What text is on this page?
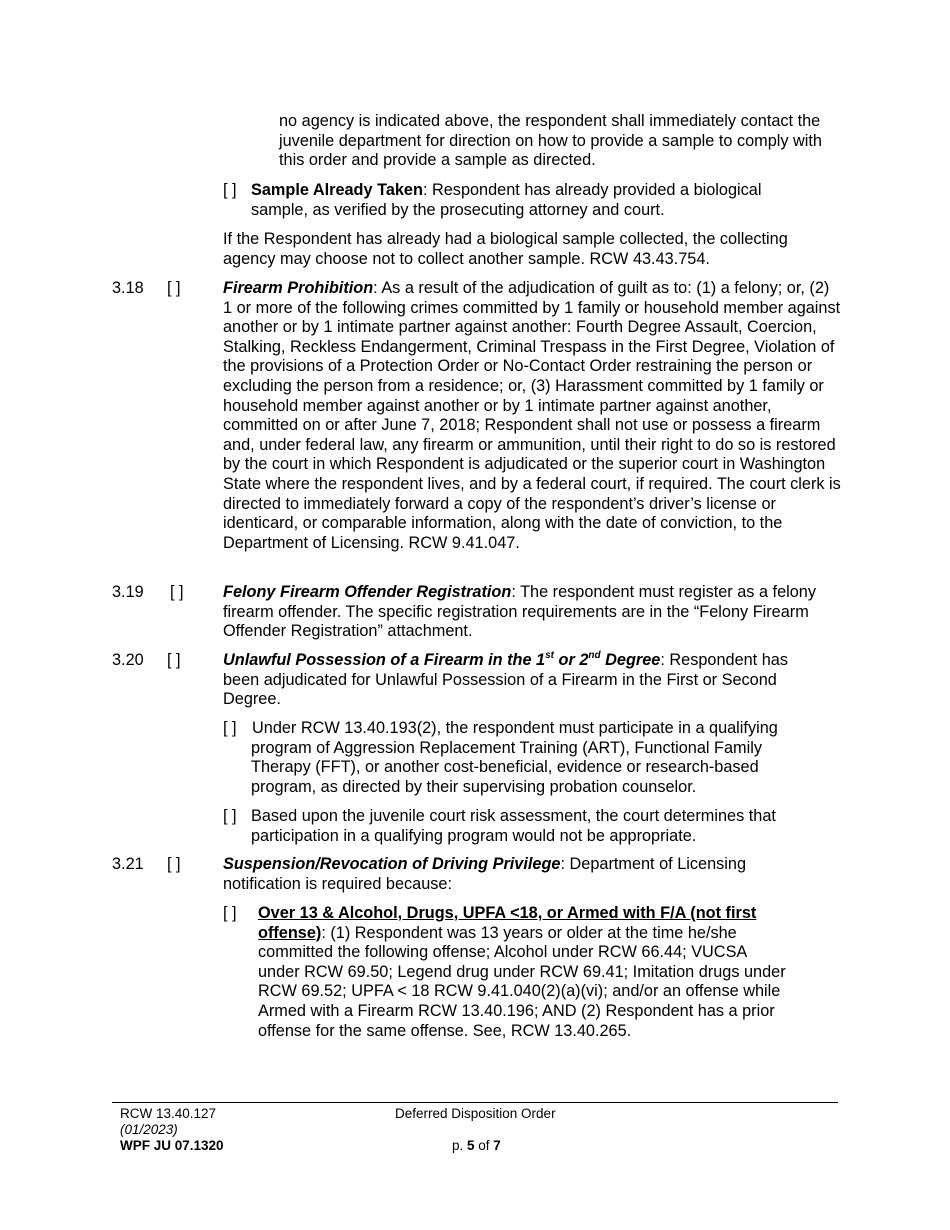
no agency is indicated above, the respondent shall immediately contact the juvenile department for direction on how to provide a sample to comply with this order and provide a sample as directed.

[ ] Sample Already Taken: Respondent has already provided a biological sample, as verified by the prosecuting attorney and court.

If the Respondent has already had a biological sample collected, the collecting agency may choose not to collect another sample. RCW 43.43.754.

3.18 [ ]	Firearm Prohibition: As a result of the adjudication of guilt as to: (1) a felony; or, (2) 1 or more of the following crimes committed by 1 family or household member against another or by 1 intimate partner against another: Fourth Degree Assault, Coercion, Stalking, Reckless Endangerment, Criminal Trespass in the First Degree, Violation of the provisions of a Protection Order or No-Contact Order restraining the person or excluding the person from a residence; or, (3) Harassment committed by 1 family or household member against another or by 1 intimate partner against another, committed on or after June 7, 2018; Respondent shall not use or possess a firearm and, under federal law, any firearm or ammunition, until their right to do so is restored by the court in which Respondent is adjudicated or the superior court in Washington State where the respondent lives, and by a federal court, if required. The court clerk is directed to immediately forward a copy of the respondent’s driver’s license or identicard, or comparable information, along with the date of conviction, to the Department of Licensing. RCW 9.41.047.

3.19 [ ] Felony Firearm Offender Registration: The respondent must register as a felony firearm offender. The specific registration requirements are in the “Felony Firearm Offender Registration” attachment.

3.20 [ ]	Unlawful Possession of a Firearm in the 1st or 2nd Degree: Respondent has been adjudicated for Unlawful Possession of a Firearm in the First or Second Degree.

[ ] Under RCW 13.40.193(2), the respondent must participate in a qualifying program of Aggression Replacement Training (ART), Functional Family Therapy (FFT), or another cost-beneficial, evidence or research-based program, as directed by their supervising probation counselor.

[ ] Based upon the juvenile court risk assessment, the court determines that participation in a qualifying program would not be appropriate.

3.21 [ ]	Suspension/Revocation of Driving Privilege: Department of Licensing notification is required because:

[ ] Over 13 & Alcohol, Drugs, UPFA <18, or Armed with F/A (not first offense): (1) Respondent was 13 years or older at the time he/she committed the following offense; Alcohol under RCW 66.44; VUCSA under RCW 69.50; Legend drug under RCW 69.41; Imitation drugs under RCW 69.52; UPFA < 18 RCW 9.41.040(2)(a)(vi); and/or an offense while Armed with a Firearm RCW 13.40.196; AND (2) Respondent has a prior offense for the same offense. See, RCW 13.40.265.

RCW 13.40.127
(01/2023)
WPF JU 07.1320
Deferred Disposition Order
p. 5 of 7
